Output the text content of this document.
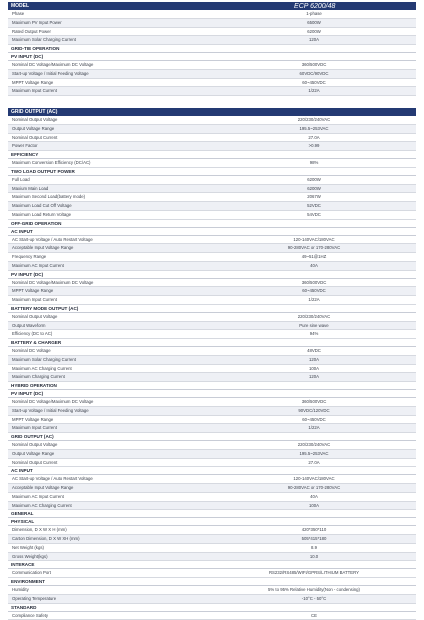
MODEL	ECP 6200/48
Phase	1-phase
Maximum PV Input Power	6500W
Rated Output Power	6200W
Maximum Solar Charging Current	120A
GRID-TIE OPERATION
PV INPUT (DC)
Nominal DC Voltage/Maximum DC Voltage	360/500VDC
Start-up Voltage / Initial Feeding Voltage	60VDC/90VDC
MPPT Voltage Range	60~450VDC
Maximum Input Current	1/22A
GRID OUTPUT (AC)
Nominal Output Voltage	220/230/240VAC
Output Voltage Range	195.5~253VAC
Nominal Output Current	27.0A
Power Factor	>0.99
EFFICIENCY
Maximum Conversion Efficiency (DC/AC)	98%
TWO LOAD OUTPUT POWER
Full Load	6200W
Maxium Main Load	6200W
Maximum Second Load(battery mode)	2067W
Maximum Load Cut Off Voltage	52VDC
Maximum Load Return Voltage	54VDC
OFF-GRID OPERATION
AC INPUT
AC Start-up Voltage / Auto Restart Voltage	120-140VAC/180VAC
Acceptable Input Voltage Range	90-280VAC or 170-280VAC
Frequency Range	49~51@1HZ
Maximum AC Input Current	40A
PV INPUT (DC)
Nominal DC Voltage/Maximum DC Voltage	360/500VDC
MPPT Voltage Range	60~450VDC
Maximum Input Current	1/22A
BATTERY MODE OUTPUT (AC)
Nominal Output Voltage	220/230/240VAC
Output Waveform	Pure sine wave
Efficiency (DC to AC)	94%
BATTERY & CHARGER
Nominal DC Voltage	48VDC
Maximum Solar Charging Current	120A
Maximum AC Charging Current	100A
Maximum Charging Current	120A
HYBRID OPERATION
PV INPUT (DC)
Nominal DC Voltage/Maximum DC Voltage	360/500VDC
Start-up Voltage / Initial Feeding Voltage	90VDC/120VDC
MPPT Voltage Range	60~450VDC
Maximum Input Current	1/22A
GRID OUTPUT (AC)
Nominal Output Voltage	220/230/240VAC
Output Voltage Range	195.5~253VAC
Nominal Output Current	27.0A
AC INPUT
AC Start-up Voltage / Auto Restart Voltage	120-140VAC/180VAC
Acceptable Input Voltage Range	90-280VAC or 170-280VAC
Maximum AC Input Current	40A
Maximum AC Charging Current	100A
GENERAL
PHYSICAL
Dimension, D X W X H (mm)	420*350*110
Carton Dimension, D X W XH (mm)	505*415*180
Net Weight (kgs)	8.9
Gross Weight(kgs)	10.0
INTERACE
Communication Port	RS232/RS485/WIFI/GPRS/LITHIUM BATTERY
ENVIRONMENT
Humidity	5% to 95% Relative Humidity(Non - condensing)
Operating Temperature	-10°C - 50°C
STANDARD
Compliance Safety	CE
